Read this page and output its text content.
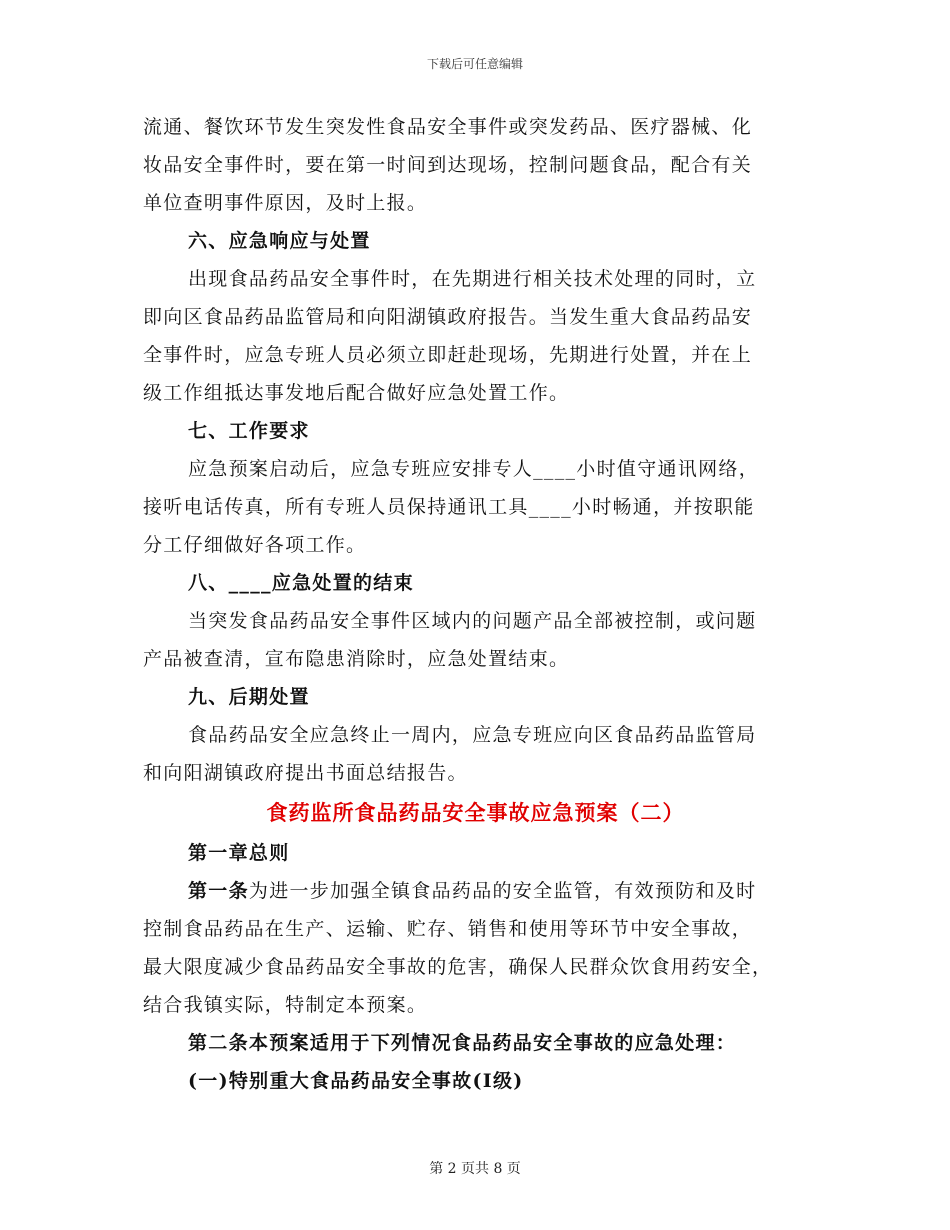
下载后可任意编辑
流通、餐饮环节发生突发性食品安全事件或突发药品、医疗器械、化
妆品安全事件时，要在第一时间到达现场，控制问题食品，配合有关
单位查明事件原因，及时上报。
六、应急响应与处置
出现食品药品安全事件时，在先期进行相关技术处理的同时，立
即向区食品药品监管局和向阳湖镇政府报告。当发生重大食品药品安
全事件时，应急专班人员必须立即赶赴现场，先期进行处置，并在上
级工作组抵达事发地后配合做好应急处置工作。
七、工作要求
应急预案启动后，应急专班应安排专人____小时值守通讯网络，
接听电话传真，所有专班人员保持通讯工具____小时畅通，并按职能
分工仔细做好各项工作。
八、____应急处置的结束
当突发食品药品安全事件区域内的问题产品全部被控制，或问题
产品被查清，宣布隐患消除时，应急处置结束。
九、后期处置
食品药品安全应急终止一周内，应急专班应向区食品药品监管局
和向阳湖镇政府提出书面总结报告。
食药监所食品药品安全事故应急预案（二）
第一章总则
第一条为进一步加强全镇食品药品的安全监管，有效预防和及时
控制食品药品在生产、运输、贮存、销售和使用等环节中安全事故，
最大限度减少食品药品安全事故的危害，确保人民群众饮食用药安全，
结合我镇实际，特制定本预案。
第二条本预案适用于下列情况食品药品安全事故的应急处理：
(一)特别重大食品药品安全事故(Ⅰ级)
第 2 页共 8 页
